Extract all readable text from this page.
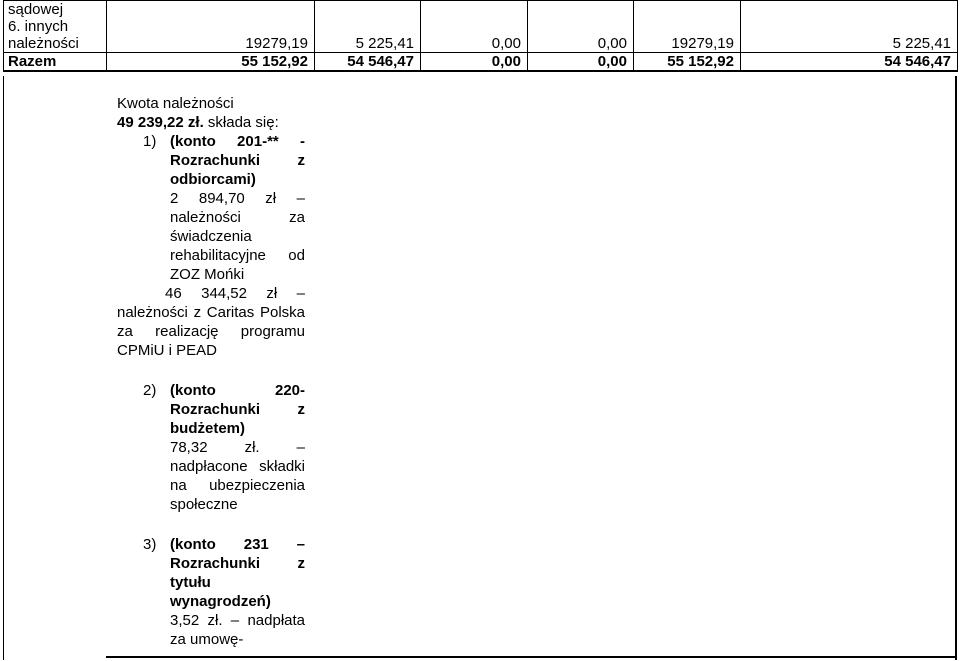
sądowej
6. innych
należności	19279,19	5 225,41	0,00	0,00	19279,19	5 225,41
Razem	55 152,92	54 546,47	0,00	0,00	55 152,92	54 546,47
Kwota należności
49 239,22 zł. składa się:
1) (konto 201-** - Rozrachunki z odbiorcami)
2 894,70 zł – należności za świadczenia rehabilitacyjne od ZOZ Mońki
46 344,52 zł – należności z Caritas Polska za realizację programu CPMiU i PEAD
2) (konto 220- Rozrachunki z budżetem)
78,32 zł. – nadpłacone składki na ubezpieczenia społeczne
3) (konto 231 – Rozrachunki z tytułu wynagrodzeń)
3,52 zł. – nadpłata za umowę-
